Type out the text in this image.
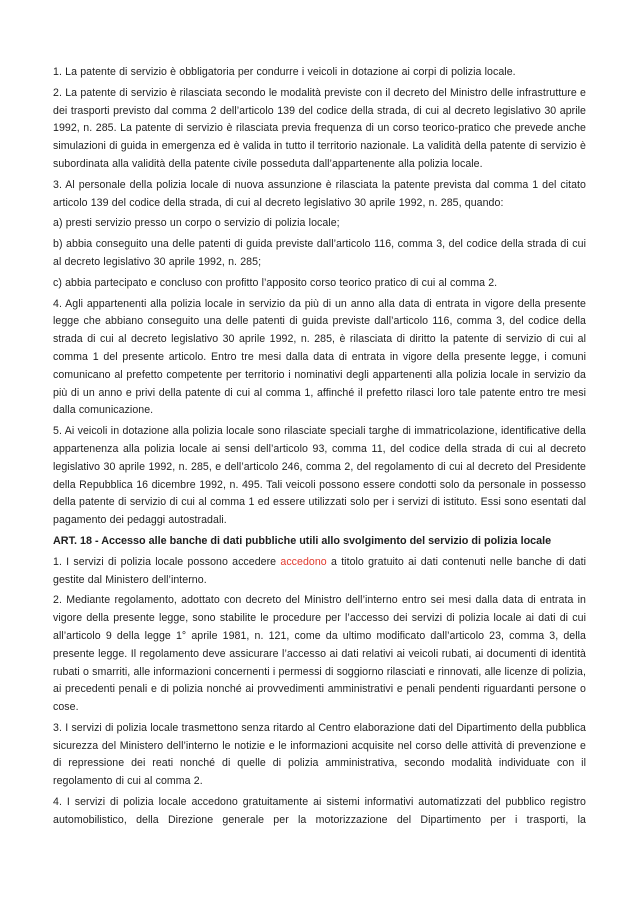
1. La patente di servizio è obbligatoria per condurre i veicoli in dotazione ai corpi di polizia locale.

2. La patente di servizio è rilasciata secondo le modalità previste con il decreto del Ministro delle infrastrutture e dei trasporti previsto dal comma 2 dell’articolo 139 del codice della strada, di cui al decreto legislativo 30 aprile 1992, n. 285. La patente di servizio è rilasciata previa frequenza di un corso teorico-pratico che prevede anche simulazioni di guida in emergenza ed è valida in tutto il territorio nazionale. La validità della patente di servizio è subordinata alla validità della patente civile posseduta dall’appartenente alla polizia locale.

3. Al personale della polizia locale di nuova assunzione è rilasciata la patente prevista dal comma 1 del citato articolo 139 del codice della strada, di cui al decreto legislativo 30 aprile 1992, n. 285, quando:

a) presti servizio presso un corpo o servizio di polizia locale;

b) abbia conseguito una delle patenti di guida previste dall’articolo 116, comma 3, del codice della strada di cui al decreto legislativo 30 aprile 1992, n. 285;

c) abbia partecipato e concluso con profitto l’apposito corso teorico pratico di cui al comma 2.

4. Agli appartenenti alla polizia locale in servizio da più di un anno alla data di entrata in vigore della presente legge che abbiano conseguito una delle patenti di guida previste dall’articolo 116, comma 3, del codice della strada di cui al decreto legislativo 30 aprile 1992, n. 285, è rilasciata di diritto la patente di servizio di cui al comma 1 del presente articolo. Entro tre mesi dalla data di entrata in vigore della presente legge, i comuni comunicano al prefetto competente per territorio i nominativi degli appartenenti alla polizia locale in servizio da più di un anno e privi della patente di cui al comma 1, affinché il prefetto rilasci loro tale patente entro tre mesi dalla comunicazione.

5. Ai veicoli in dotazione alla polizia locale sono rilasciate speciali targhe di immatricolazione, identificative della appartenenza alla polizia locale ai sensi dell’articolo 93, comma 11, del codice della strada di cui al decreto legislativo 30 aprile 1992, n. 285, e dell’articolo 246, comma 2, del regolamento di cui al decreto del Presidente della Repubblica 16 dicembre 1992, n. 495. Tali veicoli possono essere condotti solo da personale in possesso della patente di servizio di cui al comma 1 ed essere utilizzati solo per i servizi di istituto. Essi sono esentati dal pagamento dei pedaggi autostradali.

ART. 18 - Accesso alle banche di dati pubbliche utili allo svolgimento del servizio di polizia locale

1. I servizi di polizia locale possono accedere accedono a titolo gratuito ai dati contenuti nelle banche di dati gestite dal Ministero dell’interno.

2. Mediante regolamento, adottato con decreto del Ministro dell’interno entro sei mesi dalla data di entrata in vigore della presente legge, sono stabilite le procedure per l’accesso dei servizi di polizia locale ai dati di cui all’articolo 9 della legge 1° aprile 1981, n. 121, come da ultimo modificato dall’articolo 23, comma 3, della presente legge. Il regolamento deve assicurare l’accesso ai dati relativi ai veicoli rubati, ai documenti di identità rubati o smarriti, alle informazioni concernenti i permessi di soggiorno rilasciati e rinnovati, alle licenze di polizia, ai precedenti penali e di polizia nonché ai provvedimenti amministrativi e penali pendenti riguardanti persone o cose.

3. I servizi di polizia locale trasmettono senza ritardo al Centro elaborazione dati del Dipartimento della pubblica sicurezza del Ministero dell’interno le notizie e le informazioni acquisite nel corso delle attività di prevenzione e di repressione dei reati nonché di quelle di polizia amministrativa, secondo modalità individuate con il regolamento di cui al comma 2.

4. I servizi di polizia locale accedono gratuitamente ai sistemi informativi automatizzati del pubblico registro automobilistico, della Direzione generale per la motorizzazione del Dipartimento per i trasporti, la
